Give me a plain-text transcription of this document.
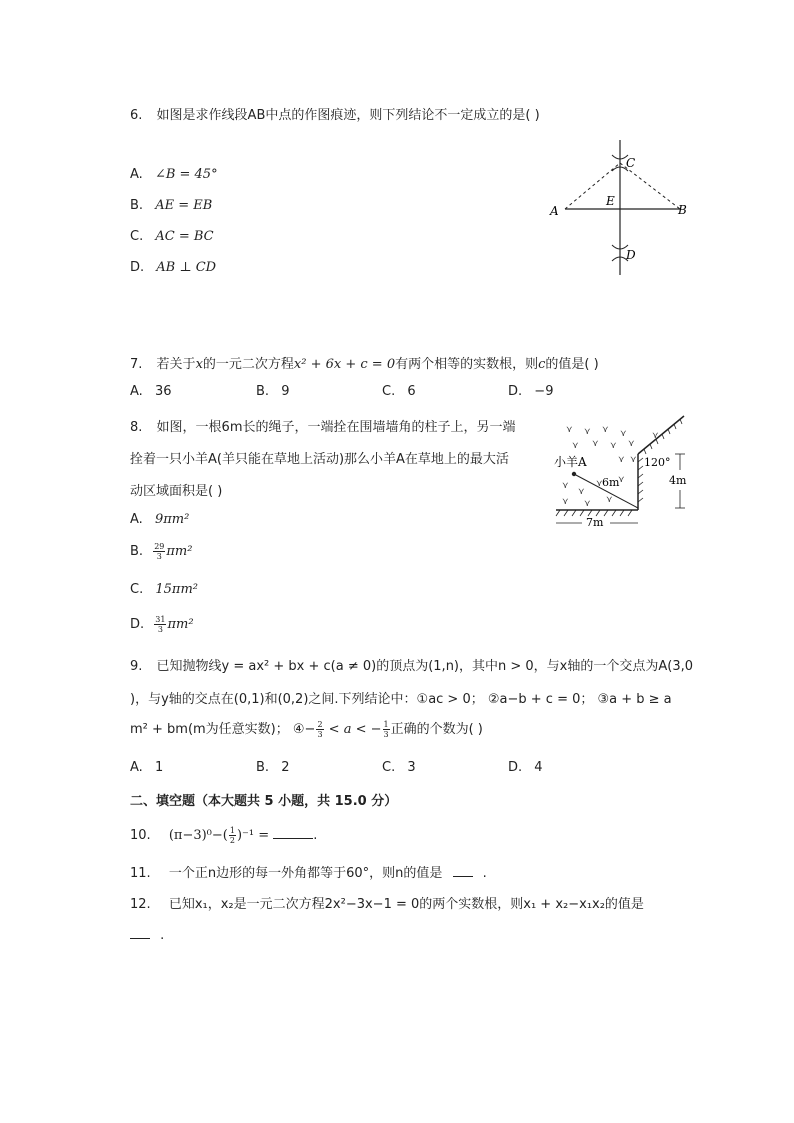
6. 如图是求作线段AB中点的作图痕迹，则下列结论不一定成立的是( )
A. ∠B = 45°
B. AE = EB
C. AC = BC
D. AB ⊥ CD
A	B
C
D
E
7. 若关于x的一元二次方程x² + 6x + c = 0有两个相等的实数根，则c的值是( )
A. 36	B. 9	C. 6	D. −9
8. 如图，一根6m长的绳子，一端拴在围墙墙角的柱子上，另一端
拴着一只小羊A(羊只能在草地上活动)那么小羊A在草地上的最大活
动区域面积是( )
A. 9πm²
B. $\frac{29}{3} \pi m^2$
C. 15πm²
D. $\frac{31}{3} \pi m^2$
⋎ ⋎ ⋎ ⋎	⋎
⋎ ⋎ ⋎ ⋎
⋎ ⋎
⋎
⋎
⋎ ⋎
⋎ ⋎ ⋎
小羊A
6m
120°
4m
7m
9. 已知抛物线y = ax² + bx + c(a ≠ 0)的顶点为(1,n)，其中n > 0，与x轴的一个交点为A(3,0
)，与y轴的交点在(0,1)和(0,2)之间.下列结论中：①ac > 0； ②a−b + c = 0； ③a + b ≥ a
m² + bm(m为任意实数)； ④− $\frac{2}{3} < a$ < − $\frac{1}{3}$ 正确的个数为( )
A. 1	B. 2	C. 3	D. 4
二、填空题（本大题共 5 小题，共 15.0 分）
10. $(\pi-3)^0-( \frac{1}{2} )^{-1}$ =	.
11. 一个正n边形的每一外角都等于60°，则n的值是	.
12. 已知x₁，x₂是一元二次方程2x²−3x−1 = 0的两个实数根，则x₁ + x₂−x₁x₂的值是
.
